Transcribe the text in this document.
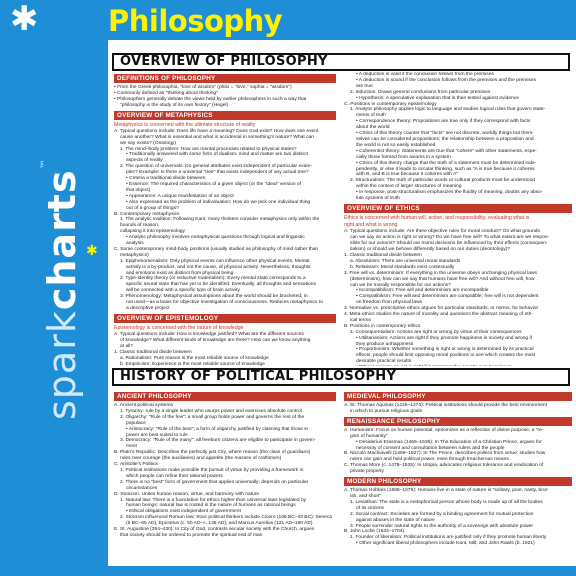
✱
sparkcharts™
✱
Philosophy
OVERVIEW OF PHILOSOPHY
DEFINITIONS OF PHILOSOPHY
• From the Greek philosophia, "love of wisdom" (philo = "love," sophia = "wisdom")
• Commonly defined as "thinking about thinking"
• Philosophers generally debate the views held by earlier philosophers in such a way that
"philosophy is the study of its own history" (Hegel)
OVERVIEW OF METAPHYSICS
Metaphysics is concerned with the ultimate structure of reality
A. Typical questions include: Does life have a meaning? Does God exist? How does one event
cause another? What is essential and what is accidental in something's nature? What can
we say exists? (Ontology)
1. The mind–body problem: How are mental processes related to physical states?
• Traditionally answered with some form of dualism: mind and matter are two distinct
aspects of reality
2. The question of universals: Do general attributes exist independent of particular exam-
ples? Example: Is there a universal "tree" that exists independent of any actual tree?
• Criteria a traditional divide between
• Essence: The required characteristics of a given object (or the "ideal" version of
that object)
• Appearance: A unique manifestation of an object
• Also expressed as the problem of individuation: How do we pick one individual thing
out of a group of things?
B. Contemporary metaphysics
1. The analytic tradition: Following Kant, many thinkers consider metaphysics only within the bounds of reason,
collapsing it into epistemology
• Analytic philosophy involves metaphysical questions through logical and linguistic
analysis
C. Some contemporary mind-body positions (usually studied as philosophy of mind rather than
metaphysics)
1. Epiphenomenalism: Only physical events can influence other physical events. Mental
activity is a by-product, and not the cause, of physical activity. Nevertheless, thoughts
and emotions exist as distinct from physical being
2. Type-identity theory (or reductive materialism): Every mental state corresponds to a
specific neural state that has yet to be identified. Eventually, all thoughts and sensations
will be connected with a specific type of brain activity
3. Phenomenology: Metaphysical assumptions about the world should be bracketed; in
not used—as a basis for objective investigation of consciousness. Reduces metaphysics to
a descriptive project
OVERVIEW OF EPISTEMOLOGY
Epistemology is concerned with the nature of knowledge
A. Typical questions include: How is knowledge justified? What are the different sources
of knowledge? What different kinds of knowledge are there? How can we know anything
at all?
1. Classic traditional divide between
a. Rationalism: Pure reason is the most reliable source of knowledge
b. Empiricism: Experience is the most reliable source of knowledge
• A deduction is valid if the conclusion follows from the premises
• A deduction is sound if the conclusion follows from the premises and the premises
are true
2. Induction: Draws general conclusions from particular premises
• Hypothesis: A speculative explanation that is then tested against evidence
C. Positions in contemporary epistemology
1. Analytic philosophy applies logic to language and studies logical rules that govern state-
ments of truth
• Correspondence theory: Propositions are true only if they correspond with facts
about the world
• Critics of this theory counter that "facts" are not discrete, worldly things but them-
selves can be considered propositions; the relationship between a proposition and
the world is not so easily established
• Coherentist theory: Statements are true that "cohere" with other statements, espe-
cially those formed from axioms in a system
• Critics of this theory charge that the truth of a statement must be determined inde-
pendently, or else it leads to circular thinking, such as "A is true because it coheres
with B, and B is true because it coheres with A"
2. Structuralism: The truth of particular words or cultural products must be understood
within the context of larger structures of meaning
• In response, post-structuralism emphasizes the fluidity of meaning, doubts any abso-
lute systems of truth
OVERVIEW OF ETHICS
Ethics is concerned with human will, action, and responsibility; evaluating what is
right and what is wrong
A. Typical questions include: Are there objective rules for moral conduct? On what grounds
can we say an action is right or wrong? Do we have free will? To what extent are we respon-
sible for our actions? Should our moral decisions be influenced by their effects (consequen-
tialism) or should we behave differently based on our duties (deontology)?
1. Classic traditional divide between
a. Absolutism: There are universal moral standards
b. Relativism: Moral standards exist contextually
2. Free will vs. determinism: If everything in the universe obeys unchanging physical laws
(determinism), how can we say that humans have free will? And without free will, how
can we be morally responsible for our actions?
• Incompatibilism: Free will and determinism are incompatible
• Compatibilism: Free will and determinism are compatible; free will is not dependent
on freedom from physical laws
3. Normative vs. prescriptive ethics argues for particular standards, or norms, for behavior
4. Meta-ethics studies the nature of morality and questions the abstract meaning of eth-
ical terms
B. Positions in contemporary ethics
1. Consequentialism: Actions are right or wrong by virtue of their consequences
• Utilitarianism: Actions are right if they promote happiness in society and wrong if
they produce unhappiness
• Proportionism: Whether something is right or wrong is determined by its practical
effects; people should limit opposing moral positions to see which creates the most
desirable practical results
HISTORY OF POLITICAL PHILOSOPHY
ANCIENT PHILOSOPHY
A. Ancient political systems
1. Tyranny: rule by a single leader who usurps power and exercises absolute control
2. Oligarchy: "Rule of the few"; a small group holds power and governs the rest of the
populace
• Aristocracy: "Rule of the best"; a form of oligarchy justified by claiming that those in
power are best suited to rule
3. Democracy: "Rule of the many"; all freeborn citizens are eligible to participate in govern-
ment
B. Plato's Republic: Describes the perfectly just City, where reason (the class of guardians)
rules over courage (the auxiliaries) and appetite (the masses of craftsmen)
C. Aristotle's Politics
1. Political institutions make possible the pursuit of virtue by providing a framework in
which people can refine their rational powers
2. There is no "best" form of government that applies universally; depends on particular
circumstances
D. Stoicism: Unites human reason, virtue, and harmony with nature
1. Natural law: There is a foundation for ethics higher than universal laws legislated by
human beings: natural law is rooted in the nature of humans as rational beings
• Ethical obligations exist independent of government
2. Stoicism influenced Roman law; Stoic political thinkers include Cicero (106 BC–43 BC), Seneca
(5 BC–65 AD), Epictetus (c. 50 AD–c. 135 AD), and Marcus Aurelius (121 AD–180 AD)
E. St. Augustine (354–430): In City of God, contrasts secular society with the Church, argues
that society should be ordered to promote the spiritual end of man
MEDIEVAL PHILOSOPHY
A. St. Thomas Aquinas (1225–1274): Political institutions should provide the best environment
in which to pursue religious goals
RENAISSANCE PHILOSOPHY
A. Humanism: Focus on human potential; epitomizes as a reflection of divine purpose; a "re-
gion of humanity"
• Desiderius Erasmus (1466–1536): In The Education of a Christian Prince, argues for
necessity of consent and consultation between rulers and the people
B. Niccolò Machiavelli (1469–1527): In The Prince, describes politics from virtue; studies how
rulers can gain and hold political power, even through treacherous means
C. Thomas More (c. 1478–1535): In Utopia, advocates religious tolerance and eradication of
private property
MODERN PHILOSOPHY
A. Thomas Hobbes (1588–1679): Humans live in a state of nature is "solitary, poor, nasty, brut-
ish, and short"
1. Leviathan: The state is a metaphorical person whose body is made up of all the bodies
of its citizens
2. Social contract: Societies are formed by a binding agreement for mutual protection
against abuses in the state of nature
3. People surrender natural rights to the authority of a sovereign with absolute power
B. John Locke (1632–1704)
1. Founder of liberalism: Political institutions are justified only if they promote human liberty
• Other significant liberal philosophers include Kant, Mill, and John Rawls (b. 1921)
